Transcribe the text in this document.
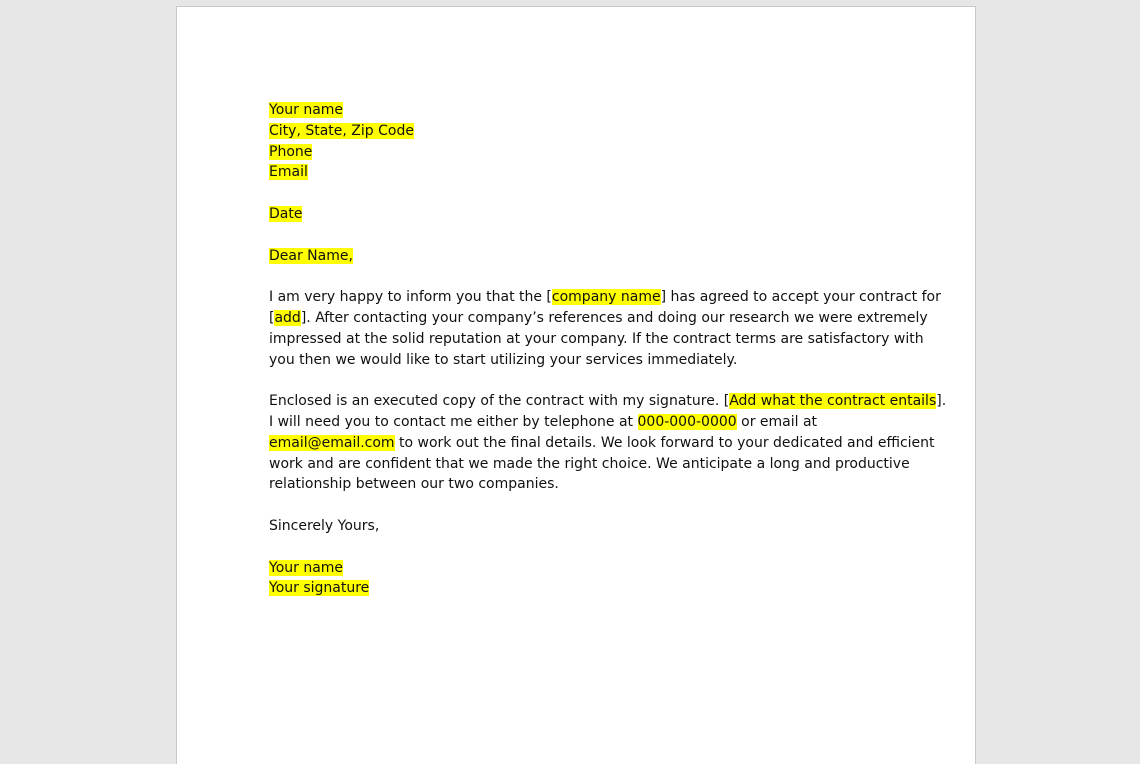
Your name
City, State, Zip Code
Phone
Email
Date
Dear Name,
I am very happy to inform you that the [company name] has agreed to accept your contract for
[add]. After contacting your company’s references and doing our research we were extremely
impressed at the solid reputation at your company. If the contract terms are satisfactory with
you then we would like to start utilizing your services immediately.
Enclosed is an executed copy of the contract with my signature. [Add what the contract entails].
I will need you to contact me either by telephone at 000-000-0000 or email at
email@email.com to work out the final details. We look forward to your dedicated and efficient
work and are confident that we made the right choice. We anticipate a long and productive
relationship between our two companies.
Sincerely Yours,
Your name
Your signature
